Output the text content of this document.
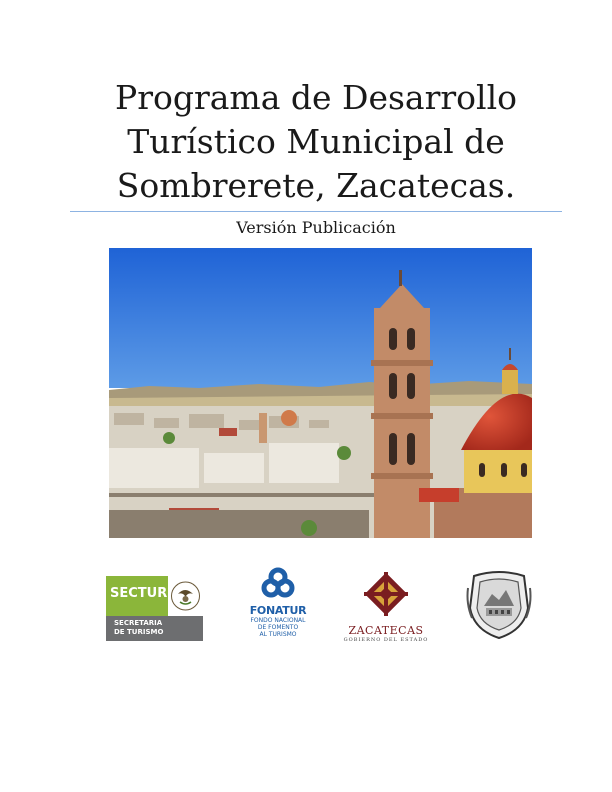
Programa de Desarrollo
Turístico Municipal de
Sombrerete, Zacatecas.
Versión Publicación
SECTUR
SECRETARIA
DE TURISMO
FONATUR
FONDO NACIONAL
DE FOMENTO
AL TURISMO	ZACATECAS
GOBIERNO DEL ESTADO
